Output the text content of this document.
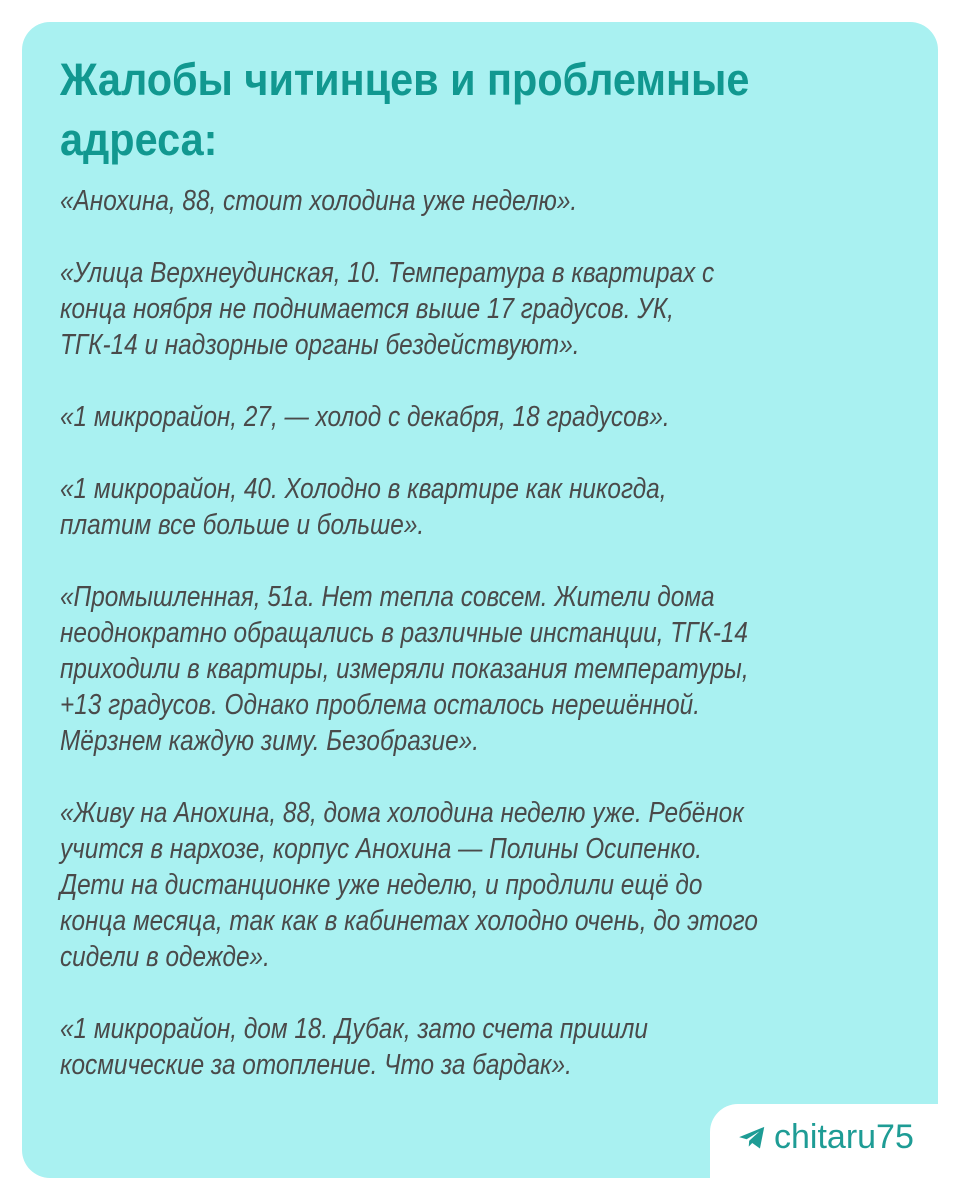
Жалобы читинцев и проблемные адреса:

«Анохина, 88, стоит холодина уже неделю».

«Улица Верхнеудинская, 10. Температура в квартирах с
конца ноября не поднимается выше 17 градусов. УК,
ТГК-14 и надзорные органы бездействуют».

«1 микрорайон, 27, — холод с декабря, 18 градусов».

«1 микрорайон, 40. Холодно в квартире как никогда,
платим все больше и больше».

«Промышленная, 51а. Нет тепла совсем. Жители дома
неоднократно обращались в различные инстанции, ТГК-14
приходили в квартиры, измеряли показания температуры,
+13 градусов. Однако проблема осталось нерешённой.
Мёрзнем каждую зиму. Безобразие».

«Живу на Анохина, 88, дома холодина неделю уже. Ребёнок
учится в нархозе, корпус Анохина — Полины Осипенко.
Дети на дистанционке уже неделю, и продлили ещё до
конца месяца, так как в кабинетах холодно очень, до этого
сидели в одежде».

«1 микрорайон, дом 18. Дубак, зато счета пришли
космические за отопление. Что за бардак».

chitaru75
